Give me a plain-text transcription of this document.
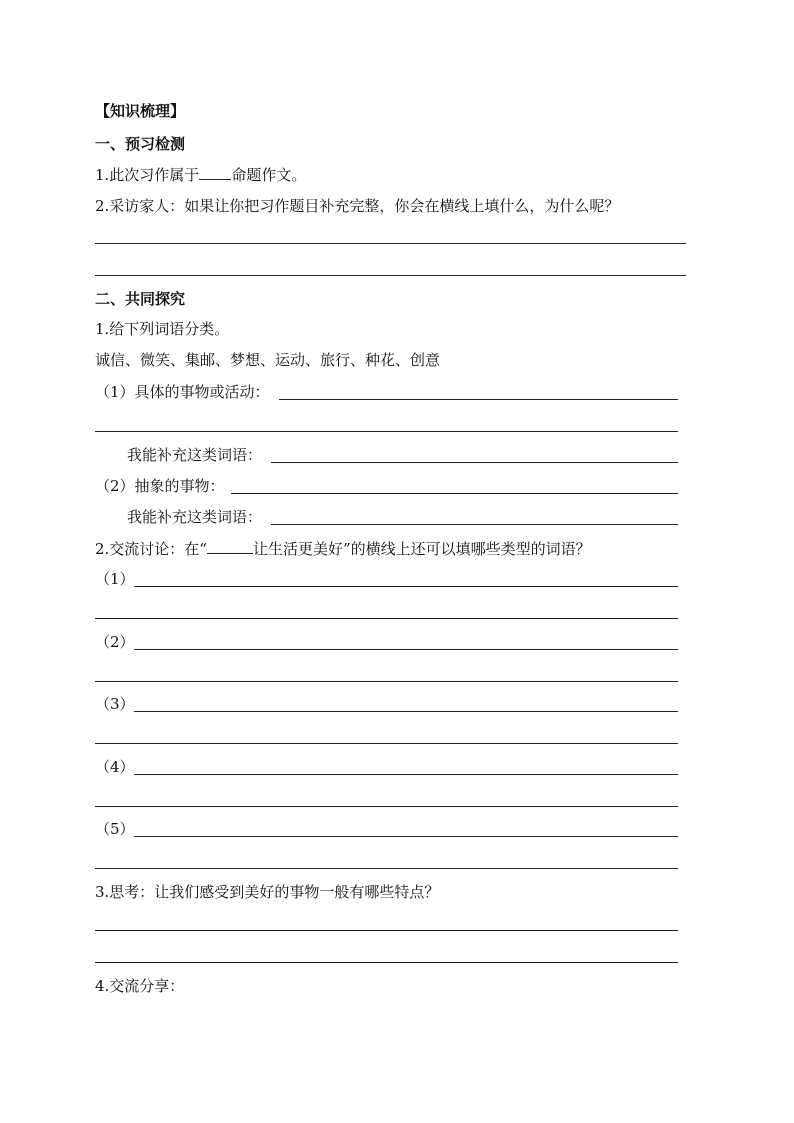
【知识梳理】
一、预习检测
1.此次习作属于 命题作文。
2.采访家人：如果让你把习作题目补充完整，你会在横线上填什么，为什么呢？
二、共同探究
1.给下列词语分类。
诚信、微笑、集邮、梦想、运动、旅行、种花、创意
（1）具体的事物或活动：
我能补充这类词语：
（2）抽象的事物：
我能补充这类词语：
2.交流讨论：在“	让生活更美好”的横线上还可以填哪些类型的词语？
（1）
（2）
（3）
（4）
（5）
3.思考：让我们感受到美好的事物一般有哪些特点？
4.交流分享：
